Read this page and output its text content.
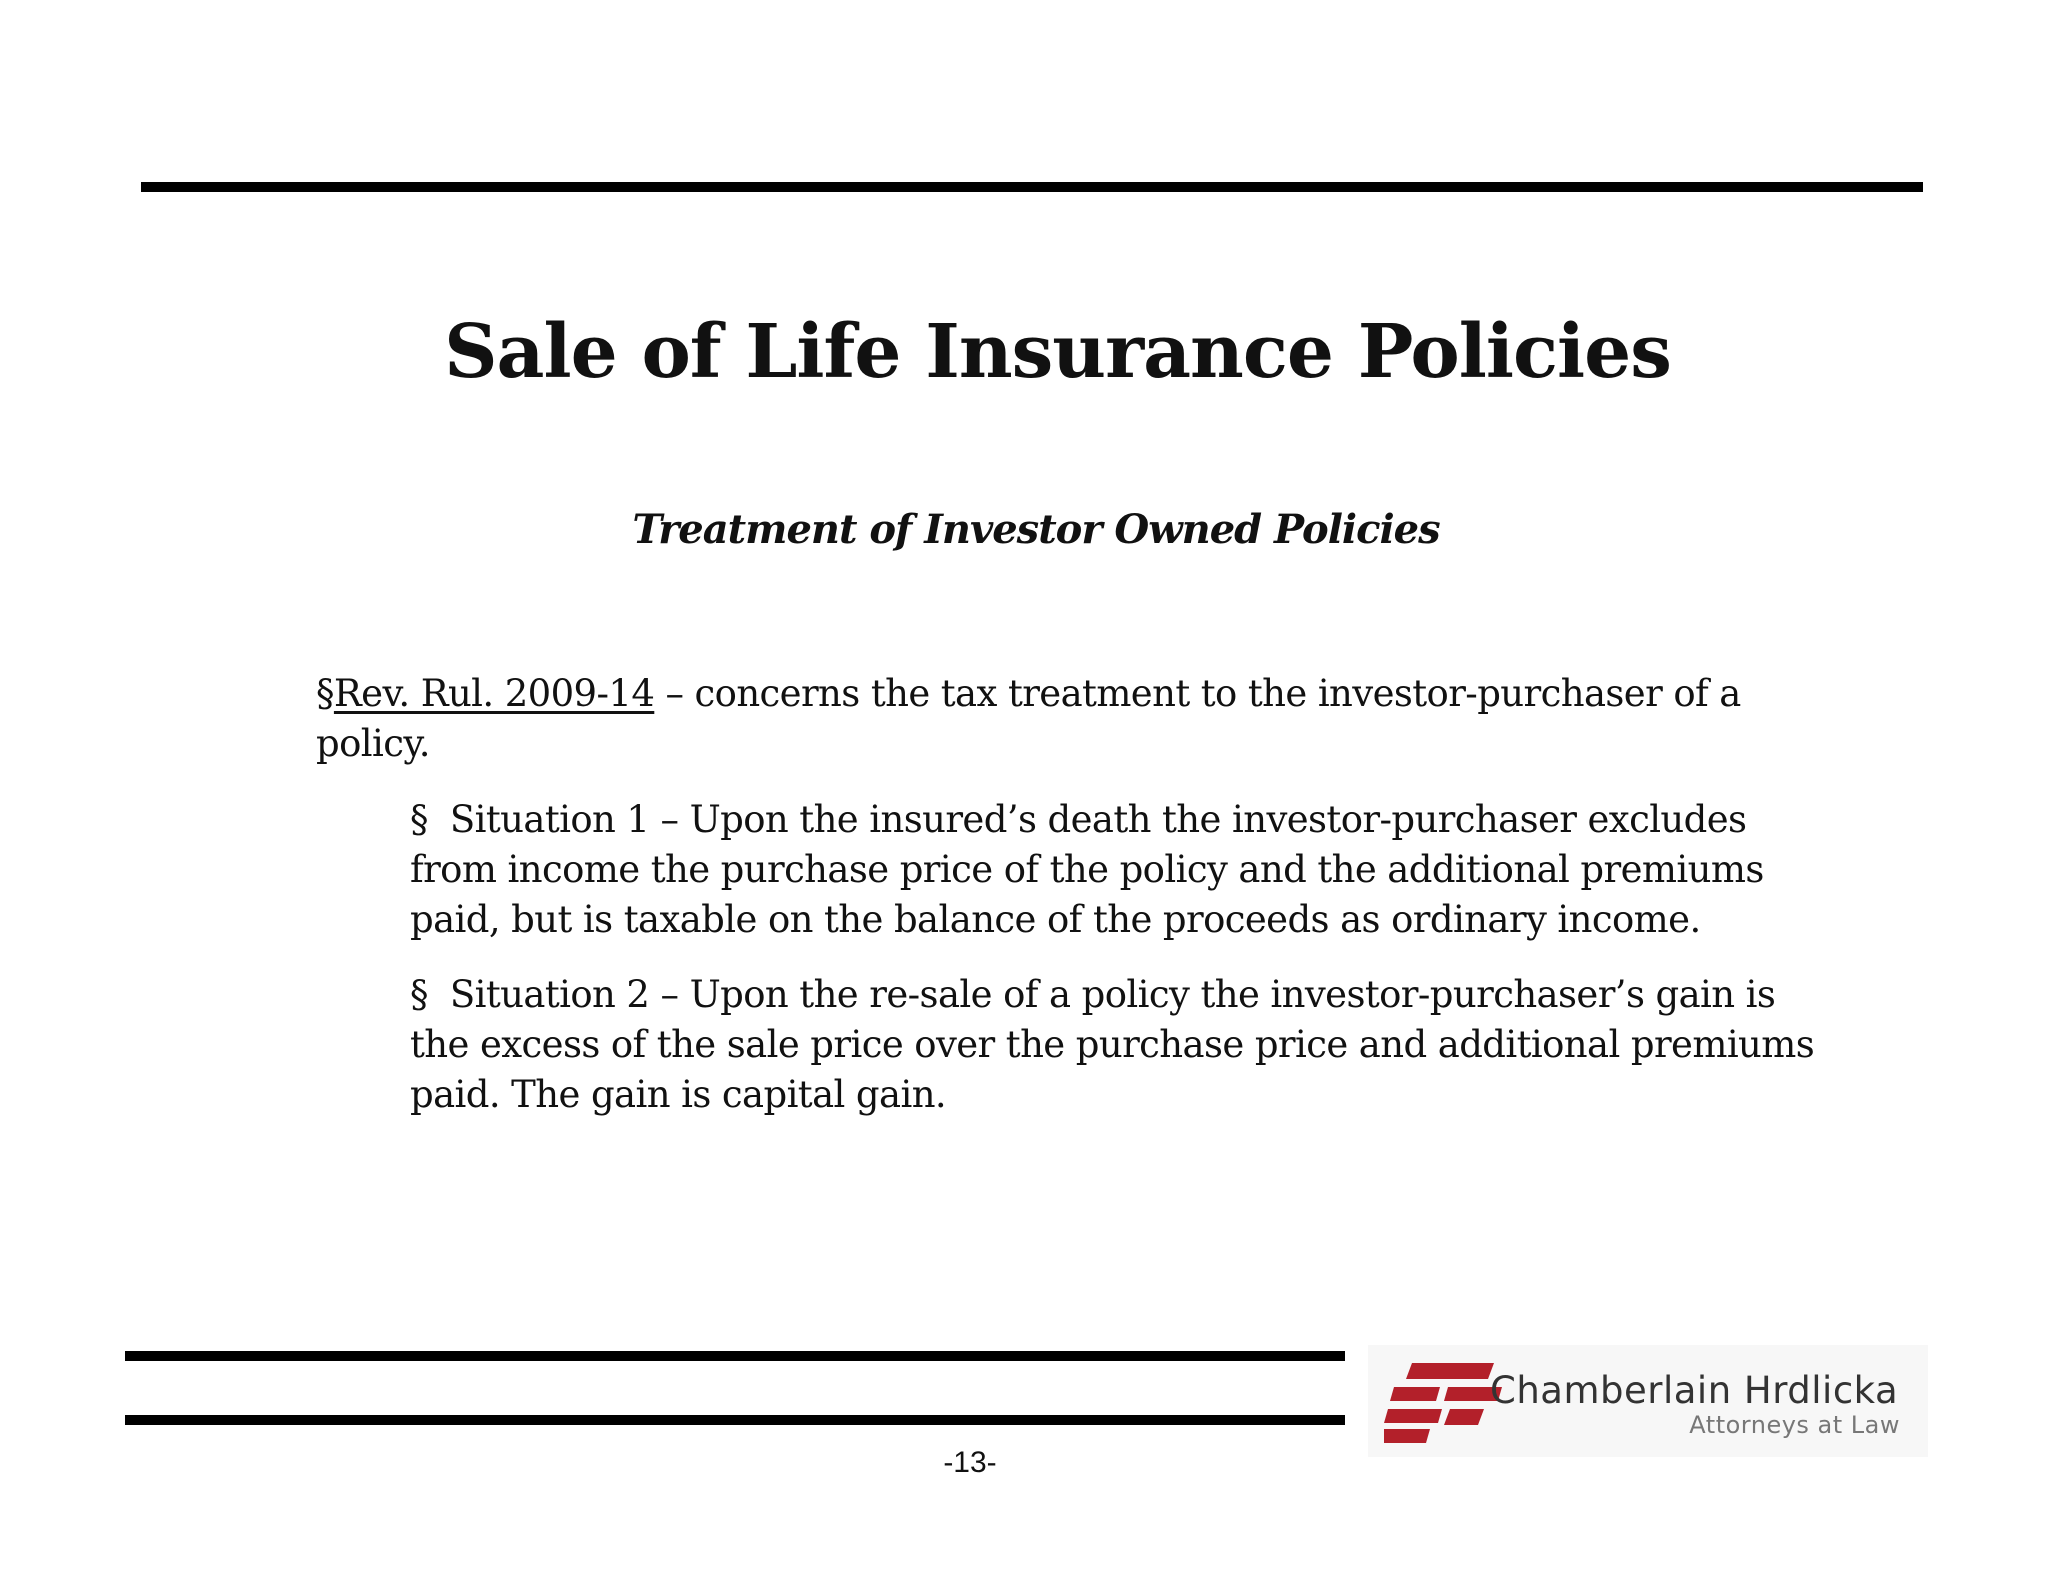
Sale of Life Insurance Policies
Treatment of Investor Owned Policies
§Rev. Rul. 2009-14 – concerns the tax treatment to the investor-purchaser of a policy.
§ Situation 1 – Upon the insured’s death the investor-purchaser excludes from income the purchase price of the policy and the additional premiums paid, but is taxable on the balance of the proceeds as ordinary income.
§ Situation 2 – Upon the re-sale of a policy the investor-purchaser’s gain is the excess of the sale price over the purchase price and additional premiums paid. The gain is capital gain.
-13-
Chamberlain Hrdlicka
Attorneys at Law
